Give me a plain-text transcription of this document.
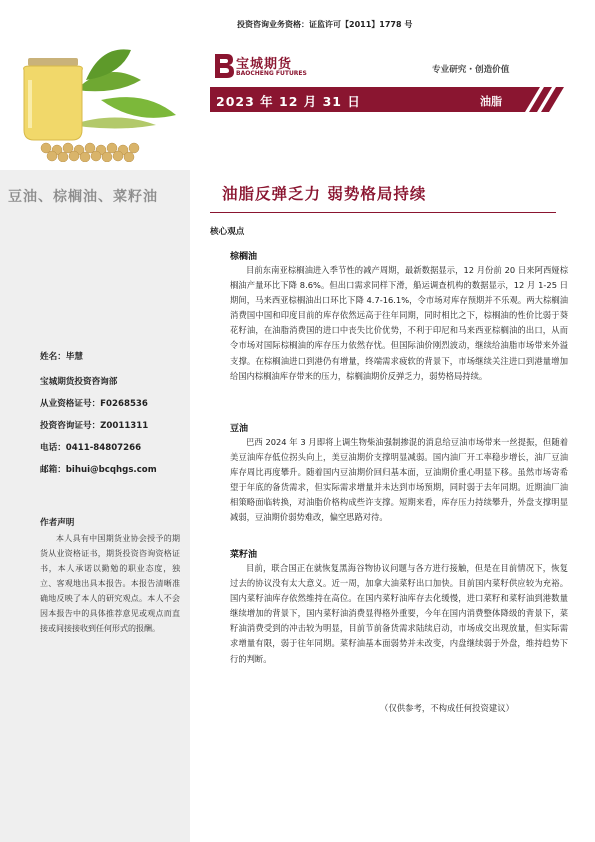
豆油、棕榈油、菜籽油
姓名：毕慧
宝城期货投资咨询部
从业资格证号：F0268536
投资咨询证号：Z0011311
电话：0411-84807266
邮箱：bihui@bcqhgs.com
作者声明
本人具有中国期货业协会授予的期货从业资格证书，期货投资咨询资格证书，本人承诺以勤勉的职业态度，独立、客观地出具本报告。本报告清晰准确地反映了本人的研究观点。本人不会因本报告中的具体推荐意见或观点而直接或间接接收到任何形式的报酬。
投资咨询业务资格：证监许可【2011】1778 号
宝城期货
BAOCHENG FUTURES	专业研究・创造价值
2023 年 12 月 31 日	油脂
油脂反弹乏力 弱势格局持续
核心观点
棕榈油
目前东南亚棕榈油进入季节性的减产周期，最新数据显示，12 月份前 20 日来阿西娅棕榈油产量环比下降 8.6%。但出口需求同样下滑，船运调查机构的数据显示，12 月 1-25 日期间，马来西亚棕榈油出口环比下降 4.7-16.1%，令市场对库存预期并不乐观。两大棕榈油消费国中国和印度目前的库存依然远高于往年同期，同时相比之下，棕榈油的性价比弱于葵花籽油，在油脂消费国的进口中丧失比价优势，不利于印尼和马来西亚棕榈油的出口，从而令市场对国际棕榈油的库存压力依然存忧。但国际油价刚烈波动，继续给油脂市场带来外溢支撑。在棕榈油进口到港仍有增量，终端需求疲软的背景下，市场继续关注进口到港量增加给国内棕榈油库存带来的压力，棕榈油期价反弹乏力，弱势格局持续。
豆油
巴西 2024 年 3 月即将上调生物柴油强制掺混的消息给豆油市场带来一丝提振，但随着美豆油库存低位拐头向上，美豆油期价支撑明显减弱。国内油厂开工率稳步增长，油厂豆油库存周比再度攀升。随着国内豆油期价回归基本面，豆油期价重心明显下移。虽然市场寄希望于年底的备货需求，但实际需求增量并未达到市场预期，同时弱于去年同期。近期油厂油相策略面临转换，对油脂价格构成些许支撑。短期来看，库存压力持续攀升，外盘支撑明显减弱，豆油期价弱势难改，偏空思路对待。
菜籽油
目前，联合国正在就恢复黑海谷物协议问题与各方进行接触，但是在目前情况下，恢复过去的协议没有太大意义。近一周，加拿大油菜籽出口加快。目前国内菜籽供应较为充裕。国内菜籽油库存依然维持在高位。在国内菜籽油库存去化缓慢，进口菜籽和菜籽油到港数量继续增加的背景下，国内菜籽油消费显得格外重要，今年在国内消费整体降级的背景下，菜籽油消费受到的冲击较为明显，目前节前备货需求陆续启动，市场成交出现放量，但实际需求增量有限，弱于往年同期。菜籽油基本面弱势并未改变，内盘继续弱于外盘，维持趋势下行的判断。
（仅供参考，不构成任何投资建议）
